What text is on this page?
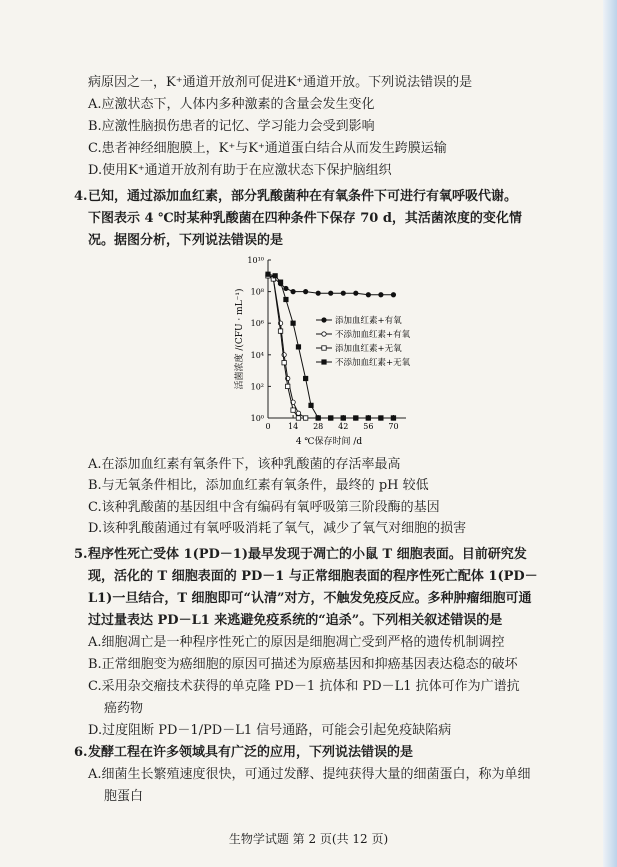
病原因之一，K⁺通道开放剂可促进K⁺通道开放。下列说法错误的是
A.应激状态下，人体内多种激素的含量会发生变化
B.应激性脑损伤患者的记忆、学习能力会受到影响
C.患者神经细胞膜上，K⁺与K⁺通道蛋白结合从而发生跨膜运输
D.使用K⁺通道开放剂有助于在应激状态下保护脑组织
4. 已知，通过添加血红素，部分乳酸菌种在有氧条件下可进行有氧呼吸代谢。
下图表示 4 ℃时某种乳酸菌在四种条件下保存 70 d，其活菌浓度的变化情
况。据图分析，下列说法错误的是
10⁰
10²
10⁴
10⁶
10⁸
10¹⁰
0 14 28 42 56 70
4 ℃保存时间 /d
活菌浓度 /(CFU · mL⁻¹)	添加血红素+有氧
不添加血红素+有氧
添加血红素+无氧
不添加血红素+无氧
A.在添加血红素有氧条件下，该种乳酸菌的存活率最高
B.与无氧条件相比，添加血红素有氧条件，最终的 pH 较低
C.该种乳酸菌的基因组中含有编码有氧呼吸第三阶段酶的基因
D.该种乳酸菌通过有氧呼吸消耗了氧气，减少了氧气对细胞的损害
5. 程序性死亡受体 1(PD－1)最早发现于凋亡的小鼠 T 细胞表面。目前研究发
现，活化的 T 细胞表面的 PD－1 与正常细胞表面的程序性死亡配体 1(PD－
L1)一旦结合，T 细胞即可“认清”对方，不触发免疫反应。多种肿瘤细胞可通
过过量表达 PD－L1 来逃避免疫系统的“追杀”。下列相关叙述错误的是
A.细胞凋亡是一种程序性死亡的原因是细胞凋亡受到严格的遗传机制调控
B.正常细胞变为癌细胞的原因可描述为原癌基因和抑癌基因表达稳态的破坏
C.采用杂交瘤技术获得的单克隆 PD－1 抗体和 PD－L1 抗体可作为广谱抗
癌药物
D.过度阻断 PD－1/PD－L1 信号通路，可能会引起免疫缺陷病
6. 发酵工程在许多领域具有广泛的应用，下列说法错误的是
A.细菌生长繁殖速度很快，可通过发酵、提纯获得大量的细菌蛋白，称为单细
胞蛋白
生物学试题 第 2 页(共 12 页)
